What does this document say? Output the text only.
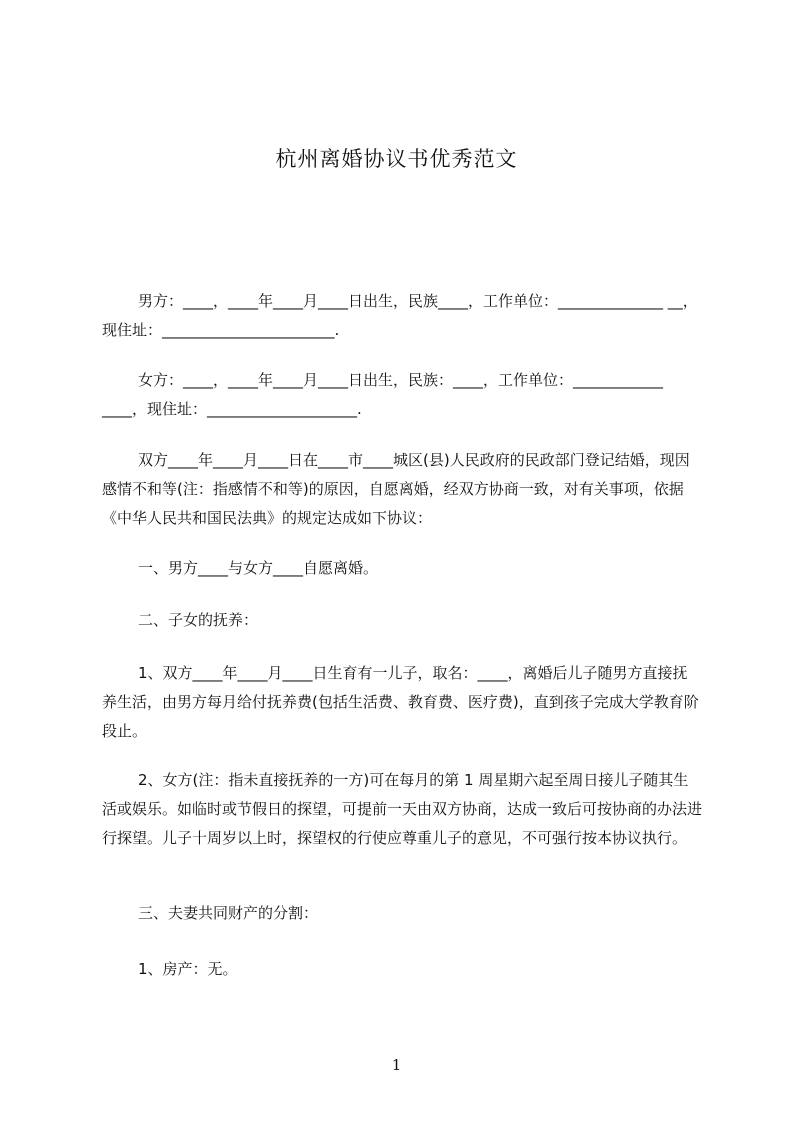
杭州离婚协议书优秀范文

男方：____，____年____月____日出生，民族____，工作单位：______________ __，现住址：_______________________.

女方：____，____年____月____日出生，民族：____，工作单位：____________ ____，现住址：____________________.

双方____年____月____日在____市____城区(县)人民政府的民政部门登记结婚，现因感情不和等(注：指感情不和等)的原因，自愿离婚，经双方协商一致，对有关事项，依据《中华人民共和国民法典》的规定达成如下协议：

一、男方____与女方____自愿离婚。

二、子女的抚养：

1、双方____年____月____日生育有一儿子，取名：____，离婚后儿子随男方直接抚养生活，由男方每月给付抚养费(包括生活费、教育费、医疗费)，直到孩子完成大学教育阶段止。

2、女方(注：指未直接抚养的一方)可在每月的第 1 周星期六起至周日接儿子随其生活或娱乐。如临时或节假日的探望，可提前一天由双方协商，达成一致后可按协商的办法进行探望。儿子十周岁以上时，探望权的行使应尊重儿子的意见，不可强行按本协议执行。

三、夫妻共同财产的分割：

1、房产：无。

1
